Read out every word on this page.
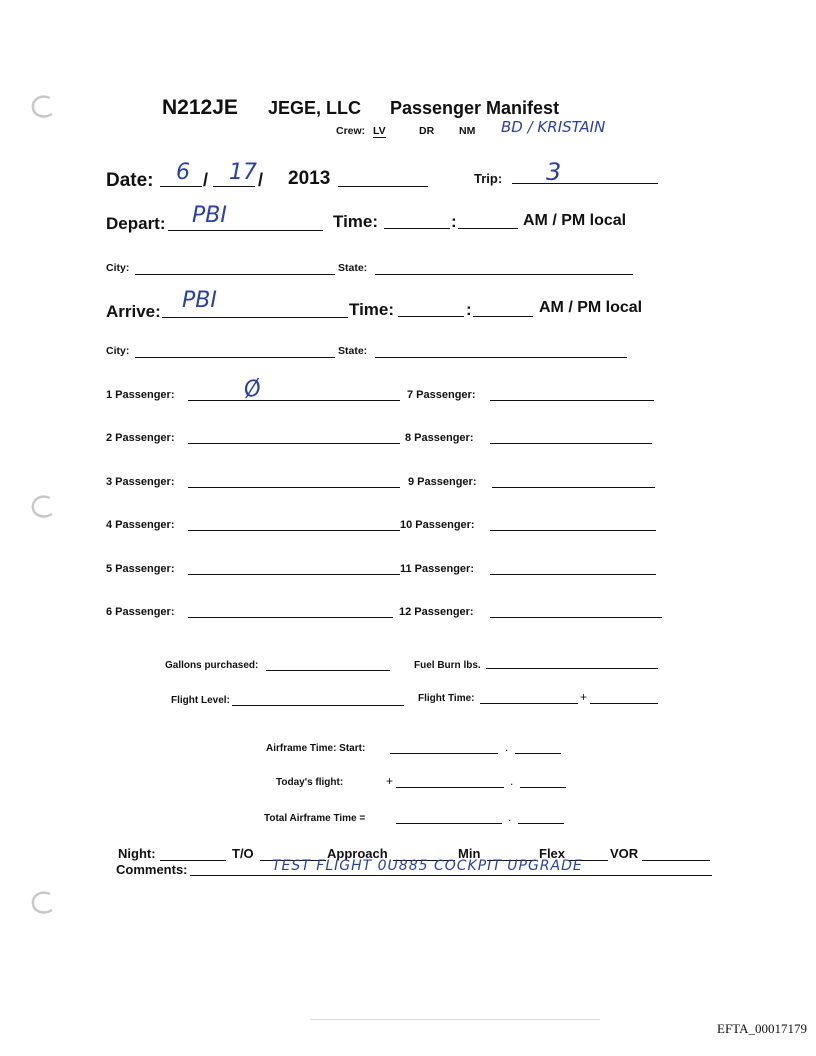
N212JE JEGE, LLC Passenger Manifest
Crew: LV	DR NM BD / KRISTAIN
Date: 6 / 17 / 2013	Trip: 3
Depart: PBI	Time:	:	AM / PM local
City:	State:
Arrive: PBI	Time:	:	AM / PM local
City:	State:
1 Passenger:	Ø	7 Passenger:
2 Passenger:	8 Passenger:
3 Passenger:	9 Passenger:
4 Passenger:	10 Passenger:
5 Passenger:	11 Passenger:
6 Passenger:	12 Passenger:
Gallons purchased:	Fuel Burn lbs.
Flight Level:	Flight Time:	+
Airframe Time: Start:	.
Today's flight:	+	.
Total Airframe Time =	.
Night:	T/O	Approach	Min	Flex	VOR
Comments:	TEST FLIGHT 0U885 COCKPIT UPGRADE
EFTA_00017179
